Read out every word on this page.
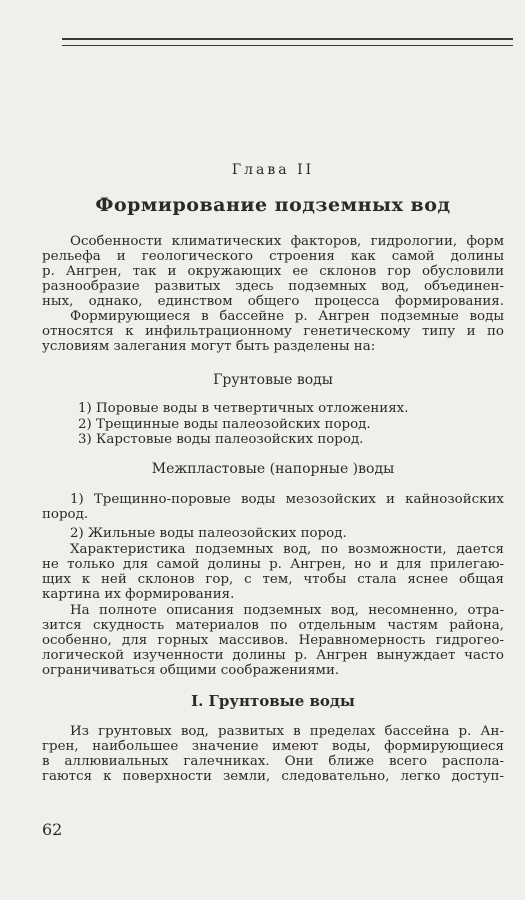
Глава II
Формирование подземных вод

Особенности климатических факторов, гидрологии, форм

рельефа и геологического строения как самой долины

р. Ангрен, так и окружающих ее склонов гор обусловили

разнообразие развитых здесь подземных вод, объединен-

ных, однако, единством общего процесса формирования.

Формирующиеся в бассейне р. Ангрен подземные воды

относятся к инфильтрационному генетическому типу и по

условиям залегания могут быть разделены на:

Грунтовые воды

1) Поровые воды в четвертичных отложениях.

2) Трещинные воды палеозойских пород.

3) Карстовые воды палеозойских пород.

Межпластовые (напорные )воды

1) Трещинно-поровые воды мезозойских и кайнозойских

пород.

2) Жильные воды палеозойских пород.

Характеристика подземных вод, по возможности, дается

не только для самой долины р. Ангрен, но и для прилегаю-

щих к ней склонов гор, с тем, чтобы стала яснее общая

картина их формирования.

На полноте описания подземных вод, несомненно, отра-

зится скудность материалов по отдельным частям района,

особенно, для горных массивов. Неравномерность гидрогео-

логической изученности долины р. Ангрен вынуждает часто

ограничиваться общими соображениями.

I. Грунтовые воды

Из грунтовых вод, развитых в пределах бассейна р. Ан-

грен, наибольшее значение имеют воды, формирующиеся

в аллювиальных галечниках. Они ближе всего распола-

гаются к поверхности земли, следовательно, легко доступ-

62
